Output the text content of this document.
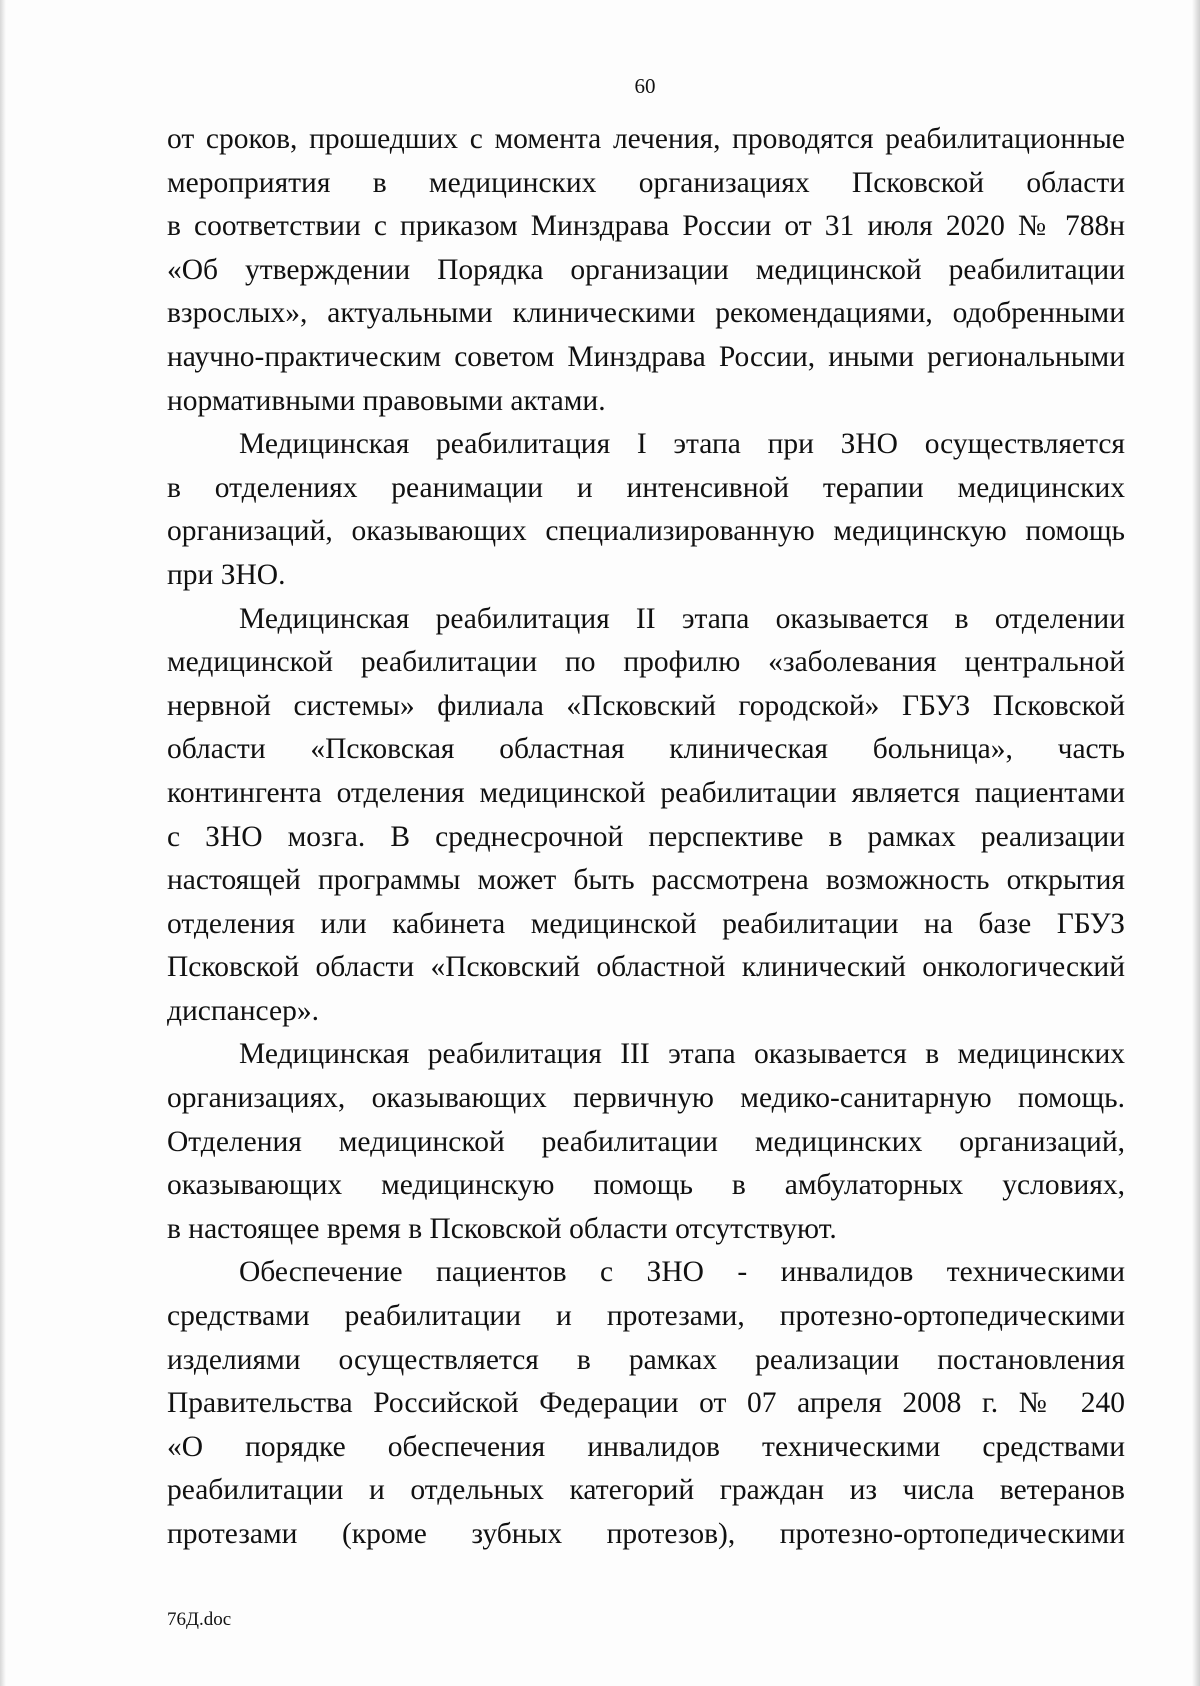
60
от сроков, прошедших с момента лечения, проводятся реабилитационные
мероприятия в медицинских организациях Псковской области
в соответствии с приказом Минздрава России от 31 июля 2020 № 788н
«Об утверждении Порядка организации медицинской реабилитации
взрослых», актуальными клиническими рекомендациями, одобренными
научно-практическим советом Минздрава России, иными региональными
нормативными правовыми актами.
Медицинская реабилитация I этапа при ЗНО осуществляется
в отделениях реанимации и интенсивной терапии медицинских
организаций, оказывающих специализированную медицинскую помощь
при ЗНО.
Медицинская реабилитация II этапа оказывается в отделении
медицинской реабилитации по профилю «заболевания центральной
нервной системы» филиала «Псковский городской» ГБУЗ Псковской
области «Псковская областная клиническая больница», часть
контингента отделения медицинской реабилитации является пациентами
с ЗНО мозга. В среднесрочной перспективе в рамках реализации
настоящей программы может быть рассмотрена возможность открытия
отделения или кабинета медицинской реабилитации на базе ГБУЗ
Псковской области «Псковский областной клинический онкологический
диспансер».
Медицинская реабилитация III этапа оказывается в медицинских
организациях, оказывающих первичную медико-санитарную помощь.
Отделения медицинской реабилитации медицинских организаций,
оказывающих медицинскую помощь в амбулаторных условиях,
в настоящее время в Псковской области отсутствуют.
Обеспечение пациентов с ЗНО - инвалидов техническими
средствами реабилитации и протезами, протезно-ортопедическими
изделиями осуществляется в рамках реализации постановления
Правительства Российской Федерации от 07 апреля 2008 г. № 240
«О порядке обеспечения инвалидов техническими средствами
реабилитации и отдельных категорий граждан из числа ветеранов
протезами (кроме зубных протезов), протезно-ортопедическими
76Д.doc
